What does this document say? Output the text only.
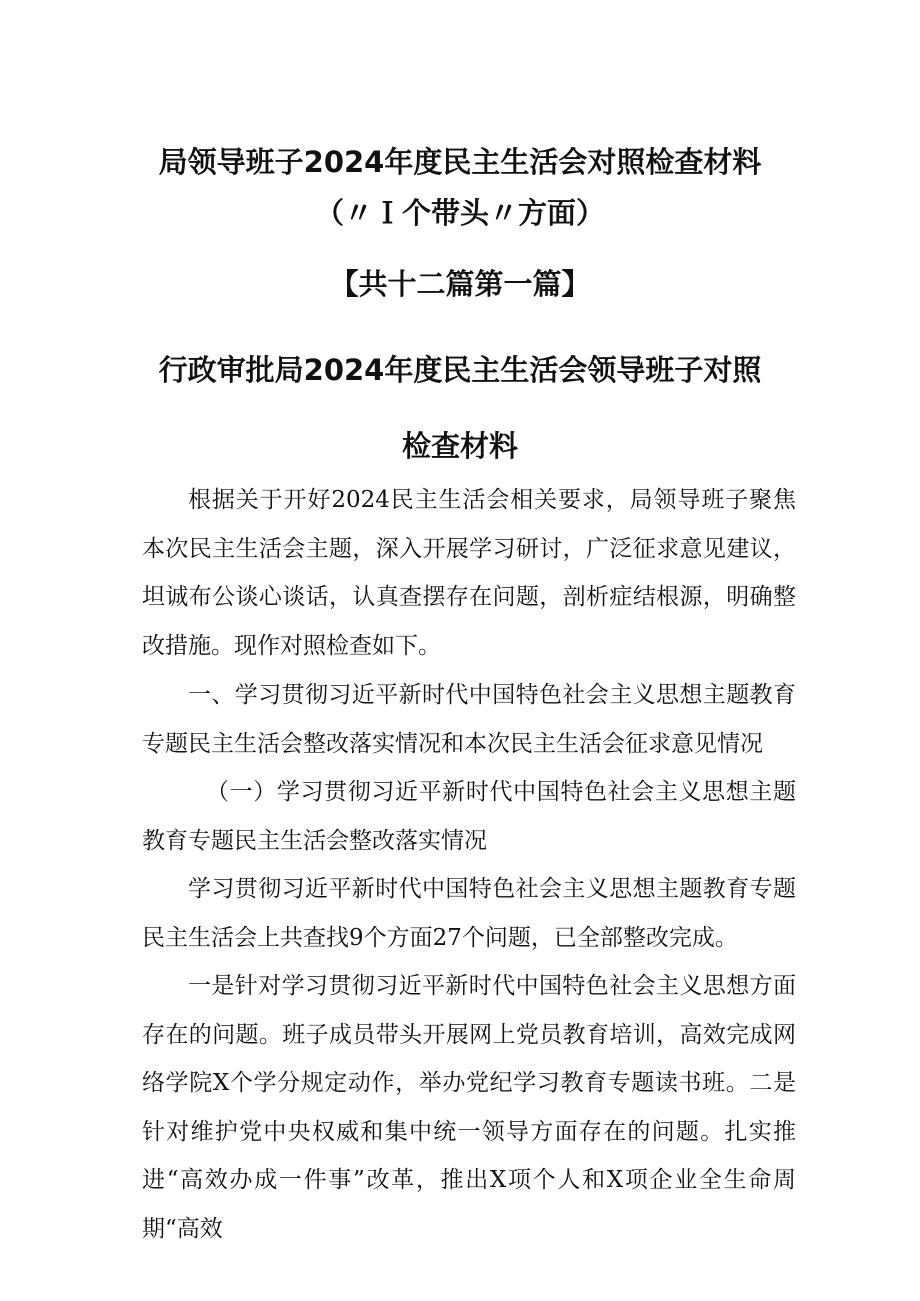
局领导班子2024年度民主生活会对照检查材料
（〃Ｉ个带头〃方面）
【共十二篇第一篇】
行政审批局2024年度民主生活会领导班子对照
检查材料

根据关于开好2024民主生活会相关要求，局领导班子聚焦本次民主生活会主题，深入开展学习研讨，广泛征求意见建议，坦诚布公谈心谈话，认真查摆存在问题，剖析症结根源，明确整改措施。现作对照检查如下。

一、学习贯彻习近平新时代中国特色社会主义思想主题教育专题民主生活会整改落实情况和本次民主生活会征求意见情况

（一）学习贯彻习近平新时代中国特色社会主义思想主题教育专题民主生活会整改落实情况

学习贯彻习近平新时代中国特色社会主义思想主题教育专题民主生活会上共查找9个方面27个问题，已全部整改完成。

一是针对学习贯彻习近平新时代中国特色社会主义思想方面存在的问题。班子成员带头开展网上党员教育培训，高效完成网络学院X个学分规定动作，举办党纪学习教育专题读书班。二是针对维护党中央权威和集中统一领导方面存在的问题。扎实推进“高效办成一件事”改革，推出X项个人和X项企业全生命周期“高效
